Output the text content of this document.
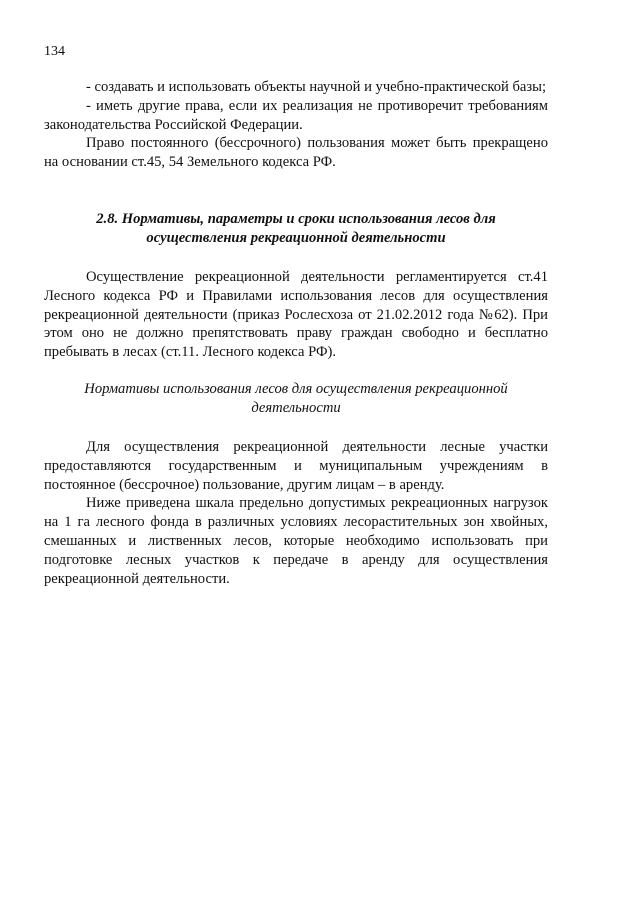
134

- создавать и использовать объекты научной и учебно-практической базы;

- иметь другие права, если их реализация не противоречит требованиям законодательства Российской Федерации.

Право постоянного (бессрочного) пользования может быть прекращено на основании ст.45, 54 Земельного кодекса РФ.

2.8. Нормативы, параметры и сроки использования лесов для
осуществления рекреационной деятельности

Осуществление рекреационной деятельности регламентируется ст.41 Лесного кодекса РФ и Правилами использования лесов для осуществления рекреационной деятельности (приказ Рослесхоза от 21.02.2012 года №62). При этом оно не должно препятствовать праву граждан свободно и бесплатно пребывать в лесах (ст.11. Лесного кодекса РФ).

Нормативы использования лесов для осуществления рекреационной
деятельности

Для осуществления рекреационной деятельности лесные участки предоставляются государственным и муниципальным учреждениям в постоянное (бессрочное) пользование, другим лицам – в аренду.

Ниже приведена шкала предельно допустимых рекреационных нагрузок на 1 га лесного фонда в различных условиях лесорастительных зон хвойных, смешанных и лиственных лесов, которые необходимо использовать при подготовке лесных участков к передаче в аренду для осуществления рекреационной деятельности.
